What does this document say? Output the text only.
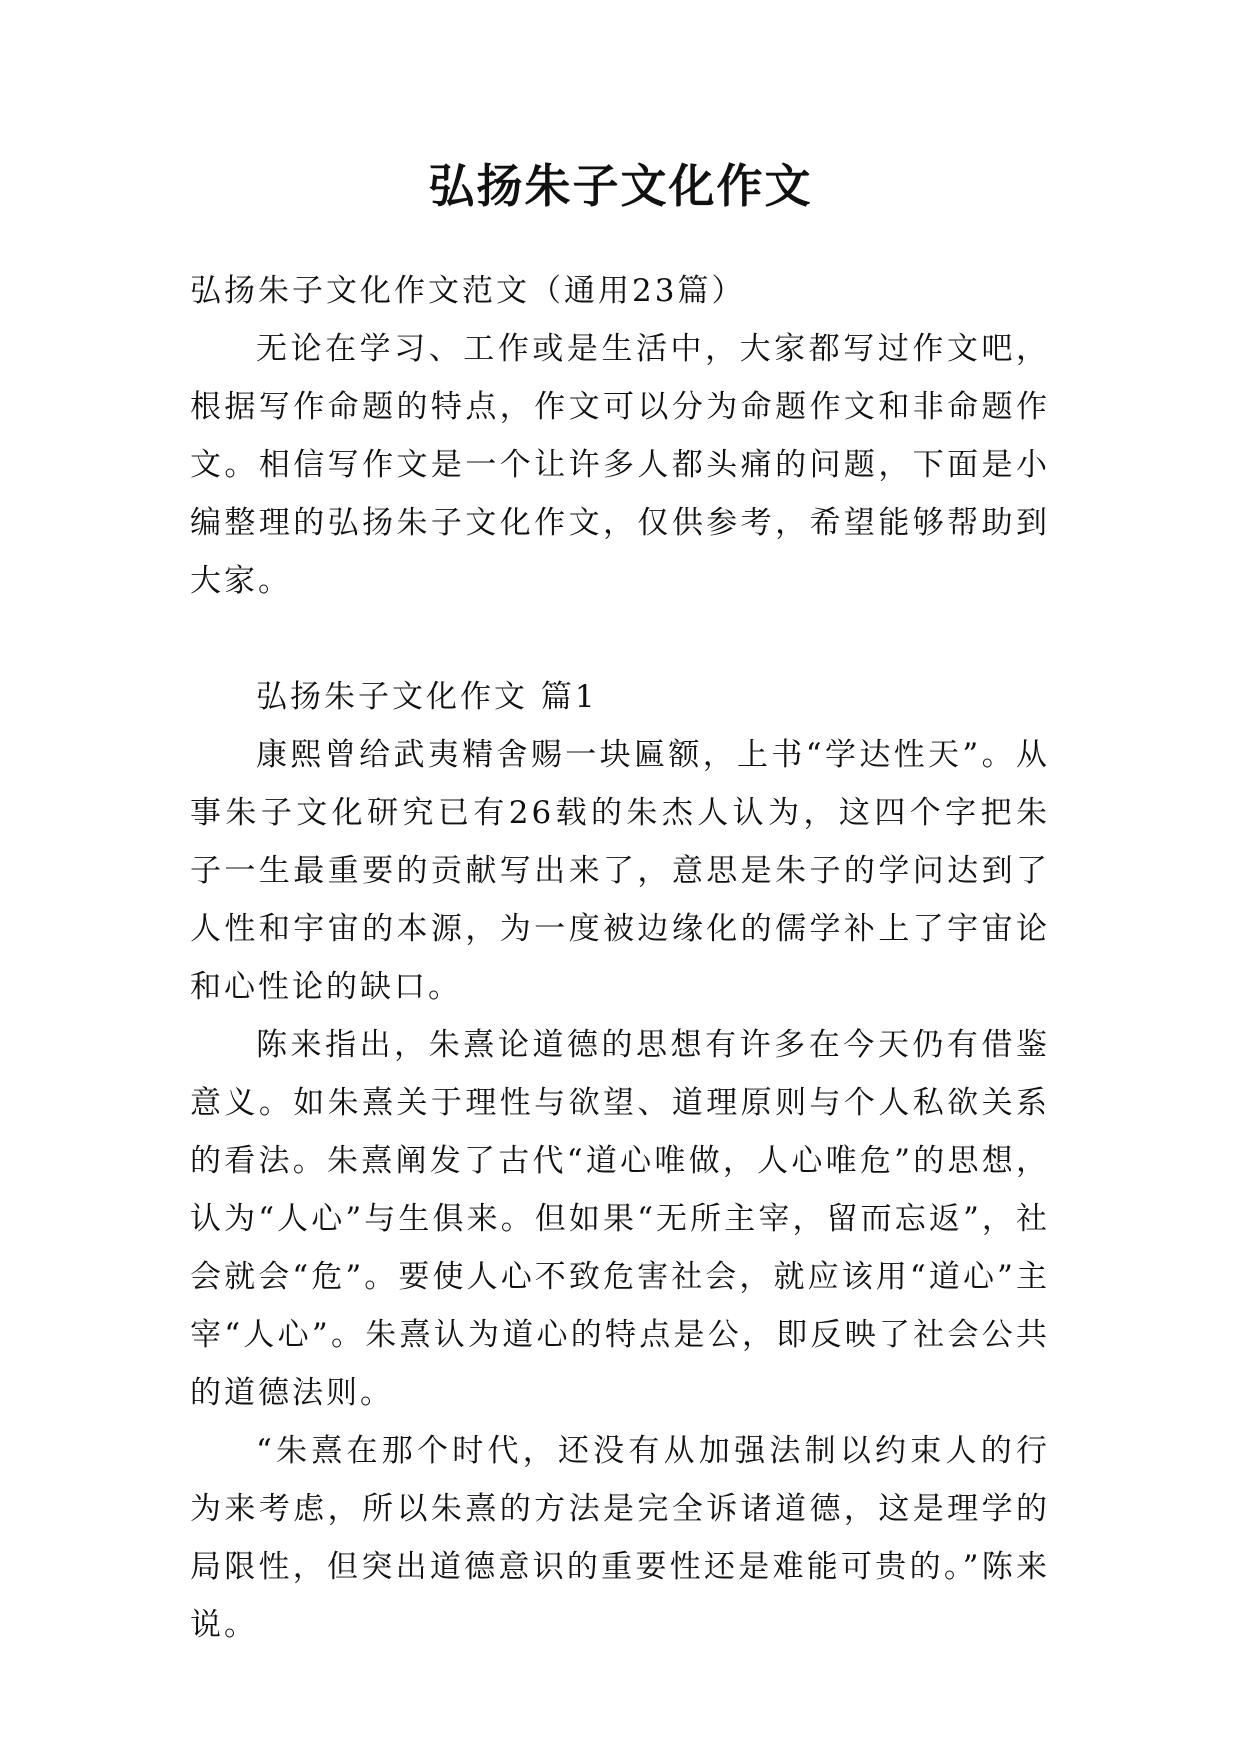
弘扬朱子文化作文

弘扬朱子文化作文范文（通用23篇）

无论在学习、工作或是生活中，大家都写过作文吧，根据写作命题的特点，作文可以分为命题作文和非命题作文。相信写作文是一个让许多人都头痛的问题，下面是小编整理的弘扬朱子文化作文，仅供参考，希望能够帮助到大家。

弘扬朱子文化作文 篇1

康熙曾给武夷精舍赐一块匾额，上书“学达性天”。从事朱子文化研究已有26载的朱杰人认为，这四个字把朱子一生最重要的贡献写出来了，意思是朱子的学问达到了人性和宇宙的本源，为一度被边缘化的儒学补上了宇宙论和心性论的缺口。

陈来指出，朱熹论道德的思想有许多在今天仍有借鉴意义。如朱熹关于理性与欲望、道理原则与个人私欲关系的看法。朱熹阐发了古代“道心唯做，人心唯危”的思想，认为“人心”与生俱来。但如果“无所主宰，留而忘返”，社会就会“危”。要使人心不致危害社会，就应该用“道心”主宰“人心”。朱熹认为道心的特点是公，即反映了社会公共的道德法则。

“朱熹在那个时代，还没有从加强法制以约束人的行为来考虑，所以朱熹的方法是完全诉诸道德，这是理学的局限性，但突出道德意识的重要性还是难能可贵的。”陈来说。
